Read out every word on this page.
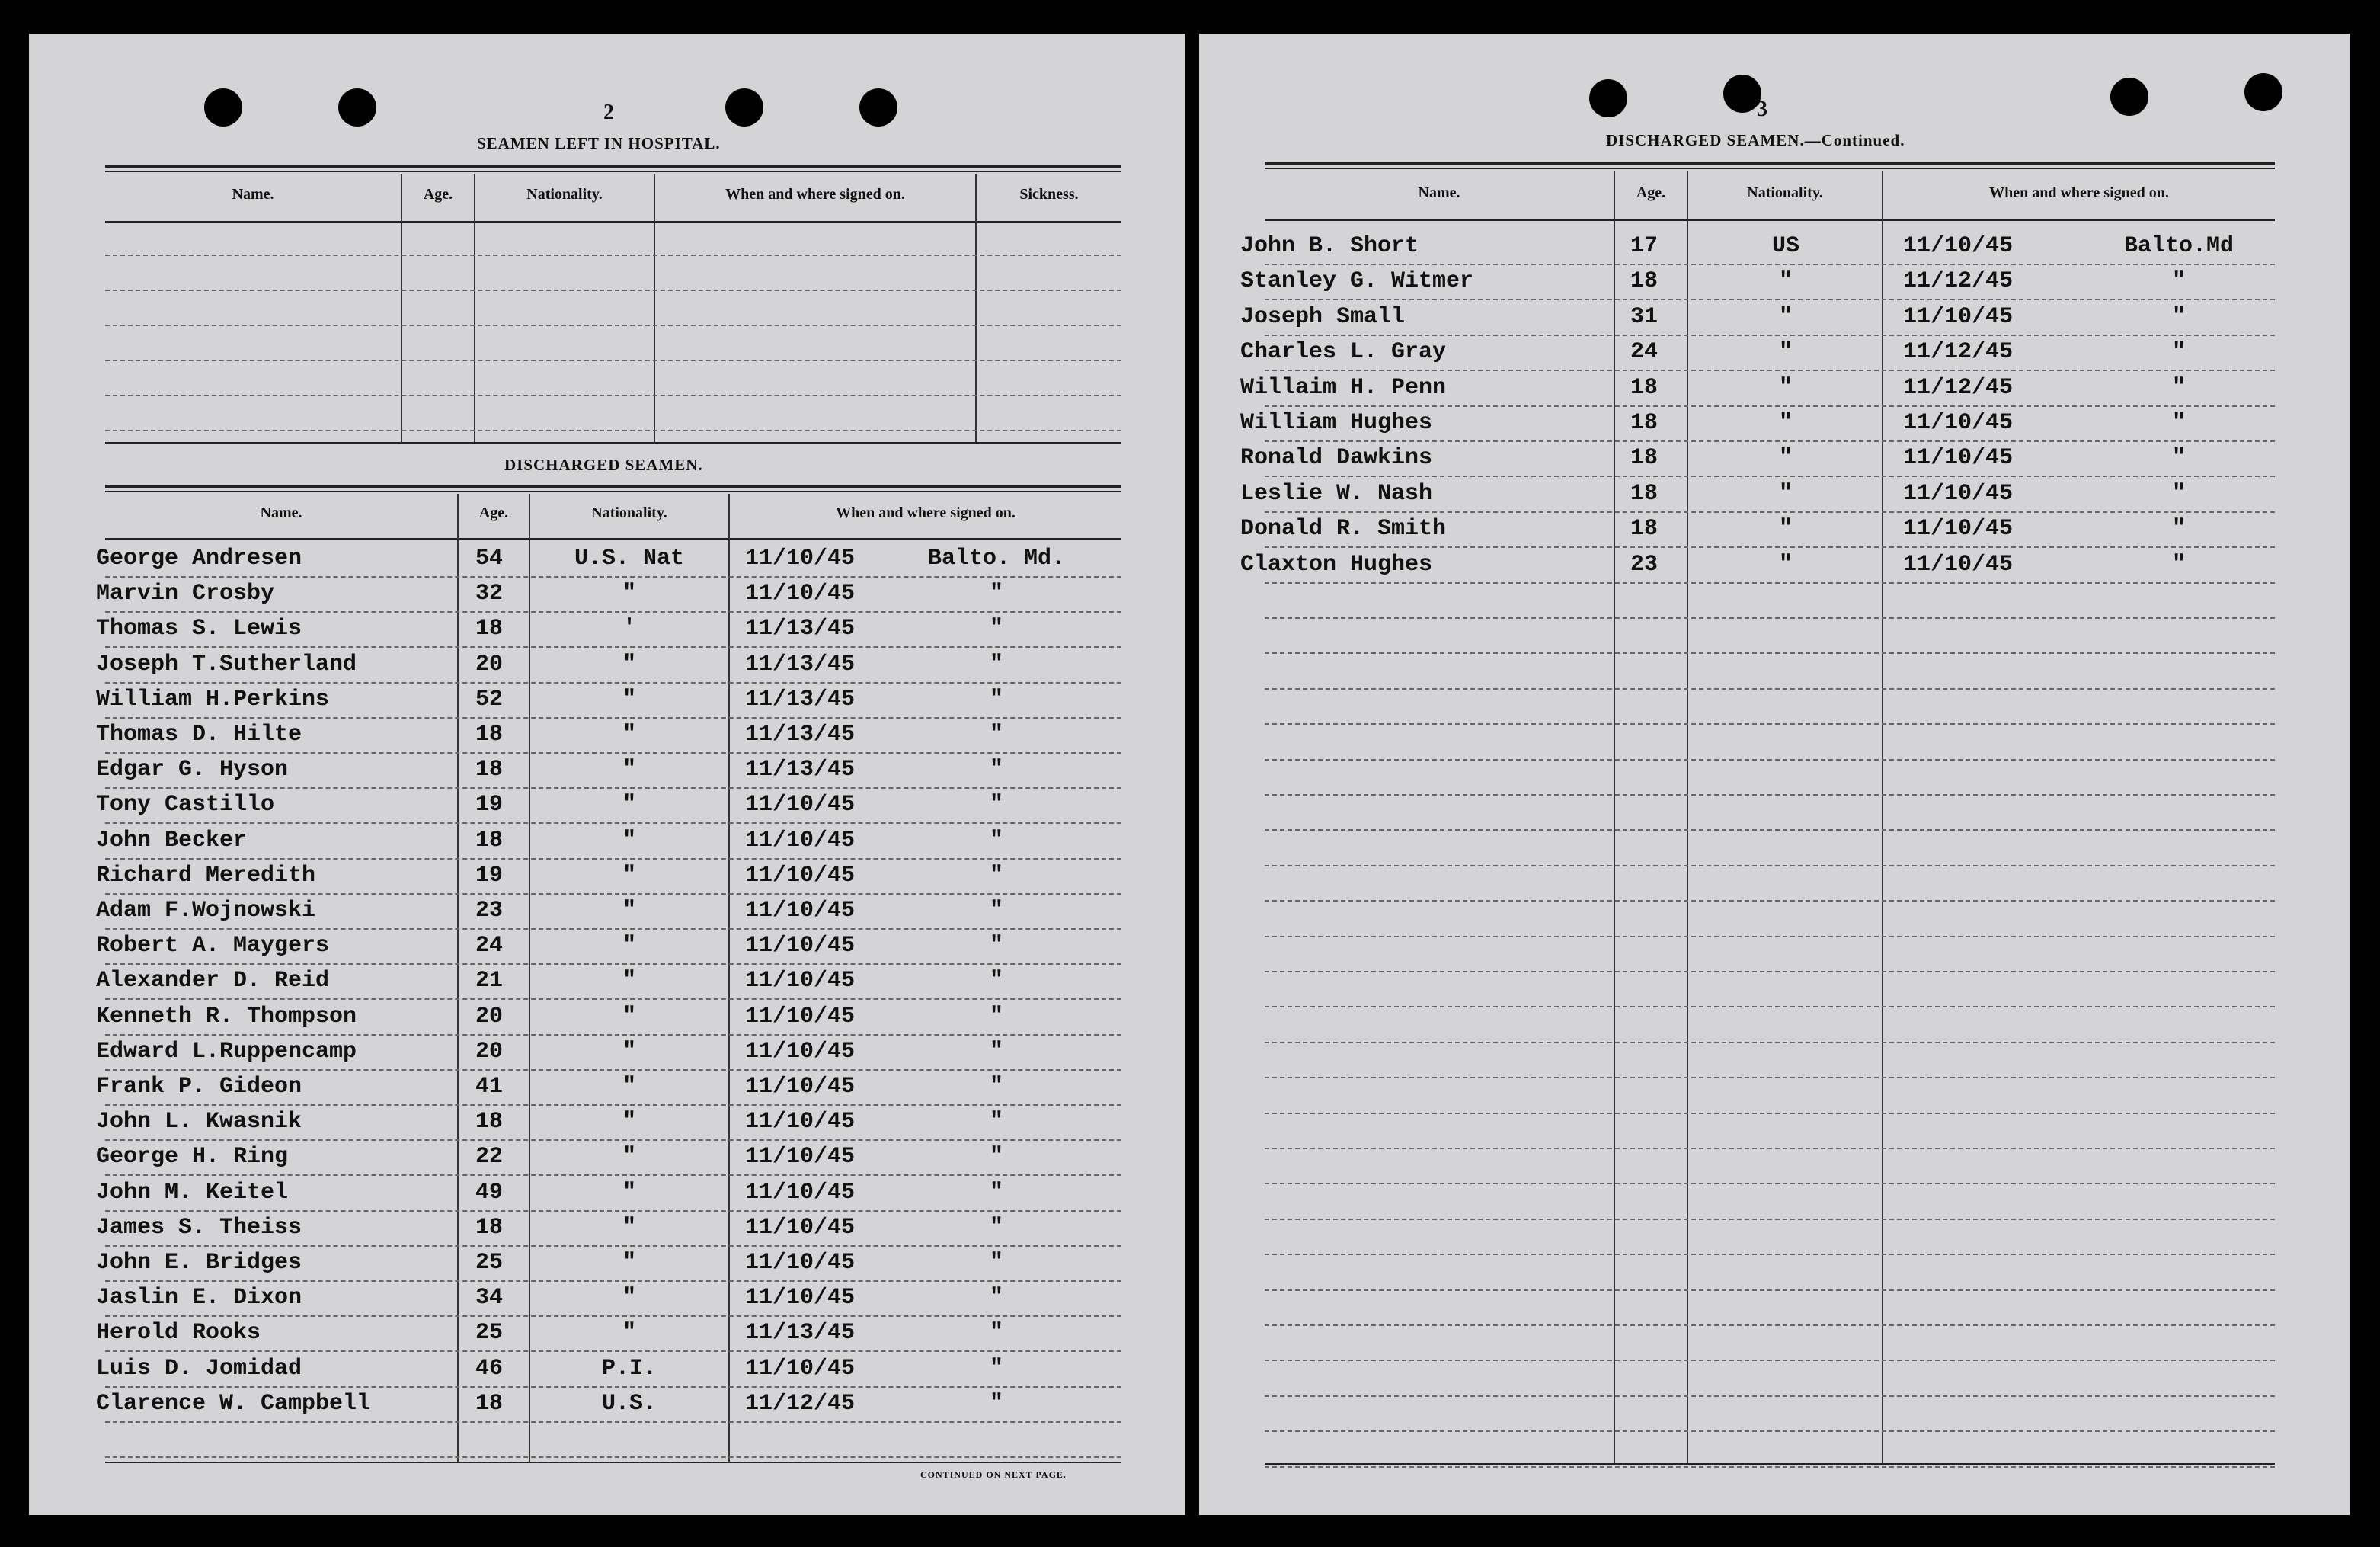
2
SEAMEN LEFT IN HOSPITAL.
Name.	Age.	Nationality.	When and where signed on.	Sickness.
DISCHARGED SEAMEN.
Name.	Age.	Nationality.	When and where signed on.
George Andresen	54	U.S. Nat	11/10/45	Balto. Md.
Marvin Crosby	32	"	11/10/45	"
Thomas S. Lewis	18	'	11/13/45	"
Joseph T.Sutherland	20	"	11/13/45	"
William H.Perkins	52	"	11/13/45	"
Thomas D. Hilte	18	"	11/13/45	"
Edgar G. Hyson	18	"	11/13/45	"
Tony Castillo	19	"	11/10/45	"
John Becker	18	"	11/10/45	"
Richard Meredith	19	"	11/10/45	"
Adam F.Wojnowski	23	"	11/10/45	"
Robert A. Maygers	24	"	11/10/45	"
Alexander D. Reid	21	"	11/10/45	"
Kenneth R. Thompson	20	"	11/10/45	"
Edward L.Ruppencamp	20	"	11/10/45	"
Frank P. Gideon	41	"	11/10/45	"
John L. Kwasnik	18	"	11/10/45	"
George H. Ring	22	"	11/10/45	"
John M. Keitel	49	"	11/10/45	"
James S. Theiss	18	"	11/10/45	"
John E. Bridges	25	"	11/10/45	"
Jaslin E. Dixon	34	"	11/10/45	"
Herold Rooks	25	"	11/13/45	"
Luis D. Jomidad	46	P.I.	11/10/45	"
Clarence W. Campbell	18	U.S.	11/12/45	"
CONTINUED ON NEXT PAGE.
3
DISCHARGED SEAMEN.—Continued.
Name.	Age.	Nationality.	When and where signed on.
John B. Short	17	US	11/10/45	Balto.Md
Stanley G. Witmer	18	"	11/12/45	"
Joseph Small	31	"	11/10/45	"
Charles L. Gray	24	"	11/12/45	"
Willaim H. Penn	18	"	11/12/45	"
William Hughes	18	"	11/10/45	"
Ronald Dawkins	18	"	11/10/45	"
Leslie W. Nash	18	"	11/10/45	"
Donald R. Smith	18	"	11/10/45	"
Claxton Hughes	23	"	11/10/45	"
